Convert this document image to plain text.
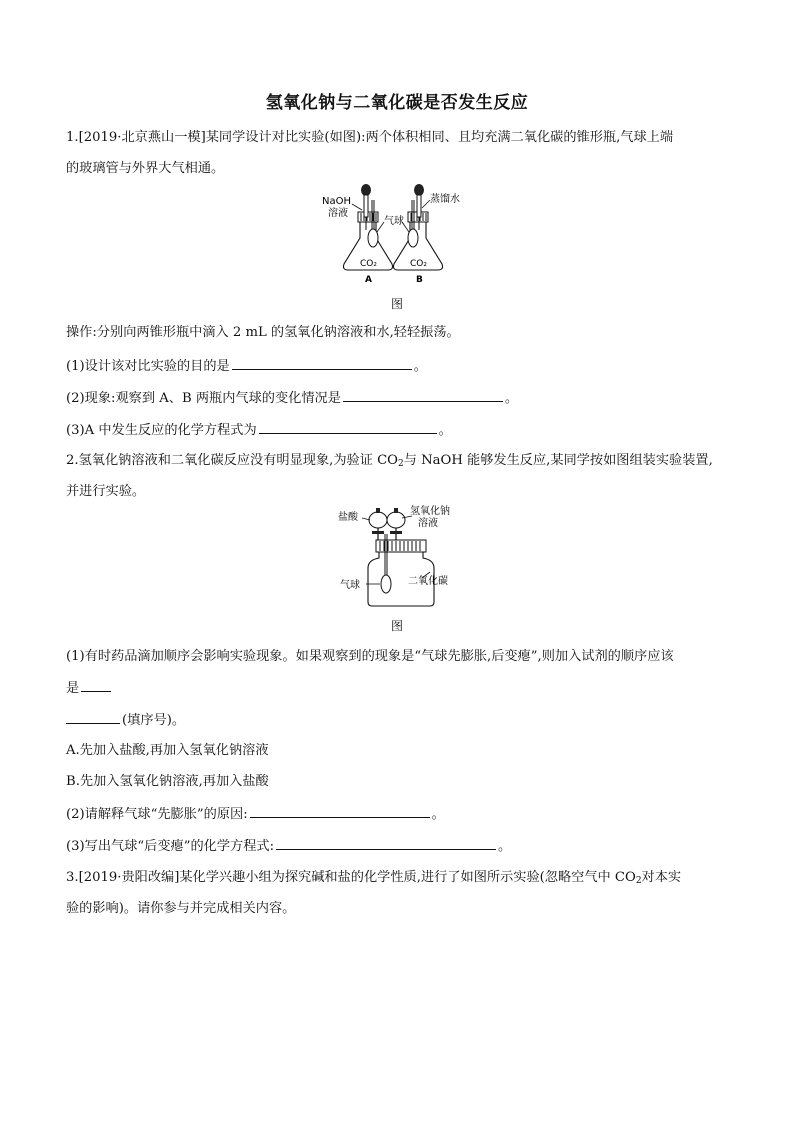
氢氧化钠与二氧化碳是否发生反应
1.[2019·北京燕山一模]某同学设计对比实验(如图):两个体积相同、且均充满二氧化碳的锥形瓶,气球上端
的玻璃管与外界大气相通。
NaOH
溶液
蒸馏水
气球
CO₂	CO₂
A	B
图
操作:分别向两锥形瓶中滴入 2 mL 的氢氧化钠溶液和水,轻轻振荡。
(1)设计该对比实验的目的是	。
(2)现象:观察到 A、B 两瓶内气球的变化情况是	。
(3)A 中发生反应的化学方程式为	。
2.氢氧化钠溶液和二氧化碳反应没有明显现象,为验证 $CO_2$与 NaOH 能够发生反应,某同学按如图组装实验装置,
并进行实验。
盐酸
氢氧化钠
溶液
气球	二氧化碳
图
(1)有时药品滴加顺序会影响实验现象。如果观察到的现象是“气球先膨胀,后变瘪”,则加入试剂的顺序应该
是
(填序号)。
A.先加入盐酸,再加入氢氧化钠溶液
B.先加入氢氧化钠溶液,再加入盐酸
(2)请解释气球“先膨胀”的原因:	。
(3)写出气球“后变瘪”的化学方程式:	。
3.[2019·贵阳改编]某化学兴趣小组为探究碱和盐的化学性质,进行了如图所示实验(忽略空气中 $CO_2$对本实
验的影响)。请你参与并完成相关内容。
